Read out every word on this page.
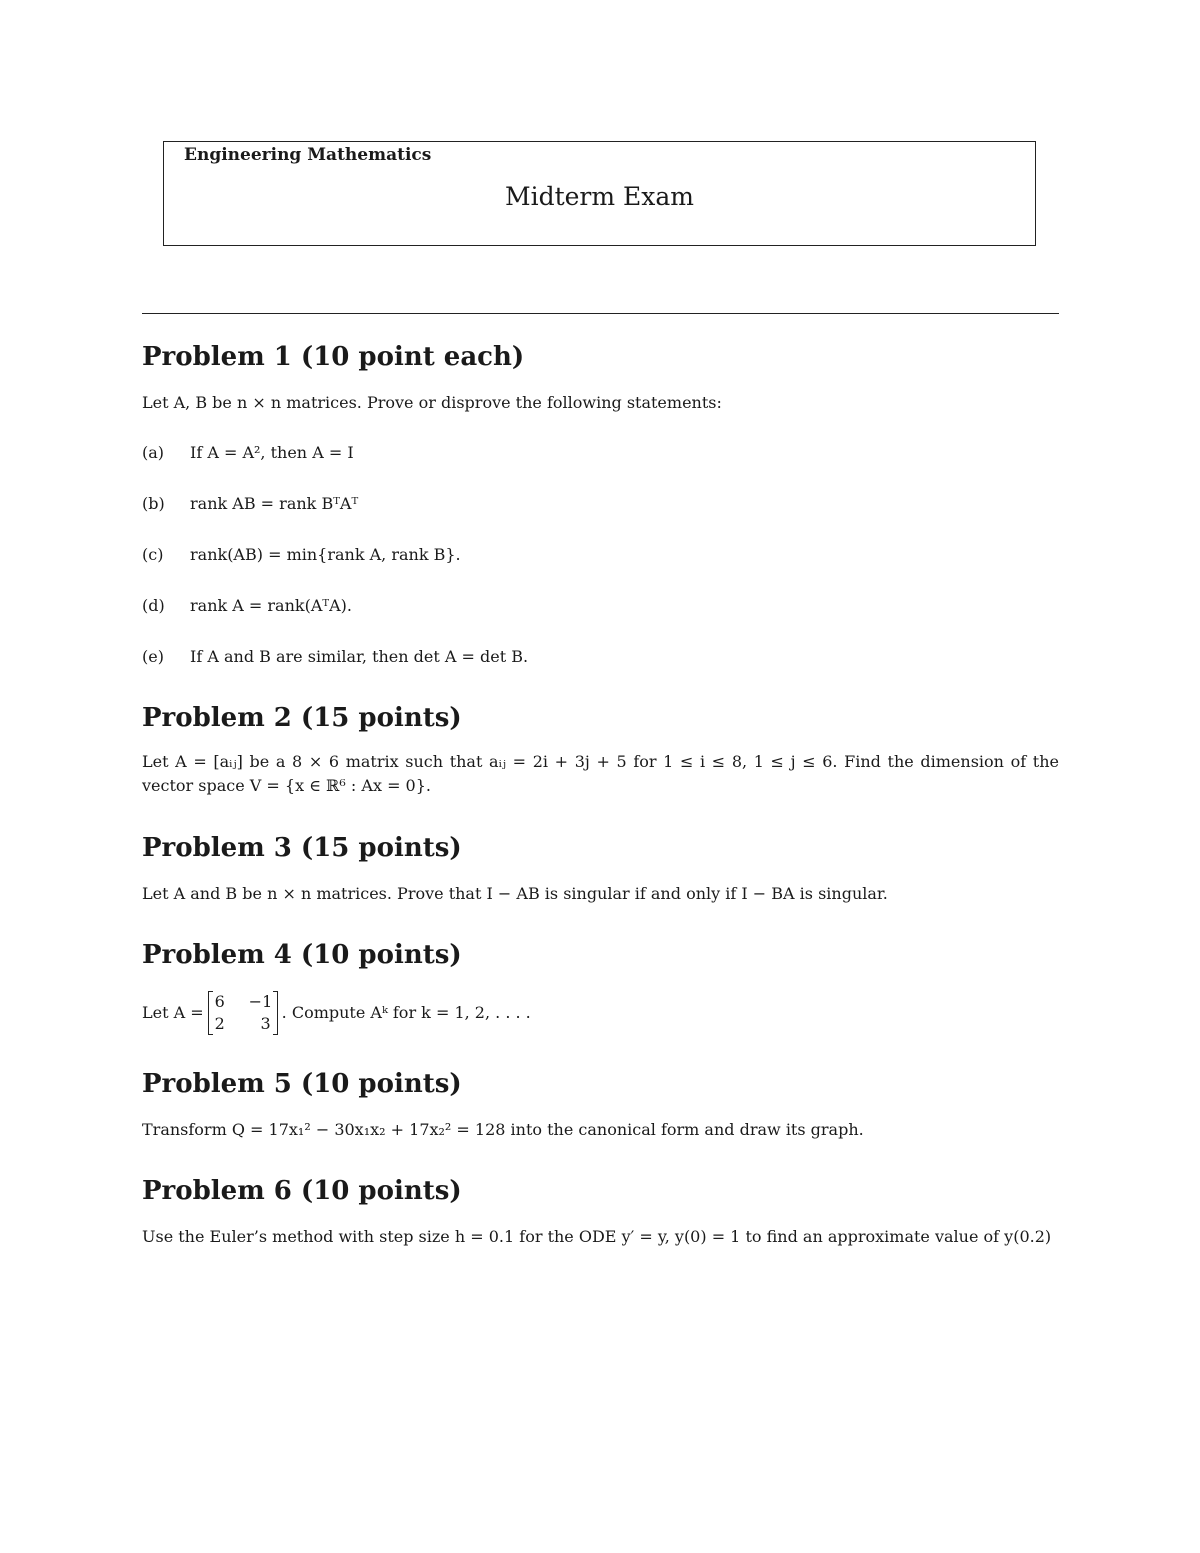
Engineering Mathematics
Midterm Exam
Problem 1 (10 point each)

Let A, B be n × n matrices. Prove or disprove the following statements:

(a)	If A = A², then A = I
(b)	rank AB = rank BᵀAᵀ
(c)	rank(AB) = min{rank A, rank B}.
(d)	rank A = rank(AᵀA).
(e)	If A and B are similar, then det A = det B.
Problem 2 (15 points)

Let A = [aᵢⱼ] be a 8 × 6 matrix such that aᵢⱼ = 2i + 3j + 5 for 1 ≤ i ≤ 8, 1 ≤ j ≤ 6. Find the dimension of the vector space V = {x ∈ ℝ⁶ : Ax = 0}.

Problem 3 (15 points)

Let A and B be n × n matrices. Prove that I − AB is singular if and only if I − BA is singular.

Problem 4 (10 points)
Let A =
6 −1
2	3
. Compute Aᵏ for k = 1, 2, . . . .
Problem 5 (10 points)

Transform Q = 17x₁² − 30x₁x₂ + 17x₂² = 128 into the canonical form and draw its graph.

Problem 6 (10 points)

Use the Euler’s method with step size h = 0.1 for the ODE y′ = y, y(0) = 1 to find an approximate value of y(0.2)
